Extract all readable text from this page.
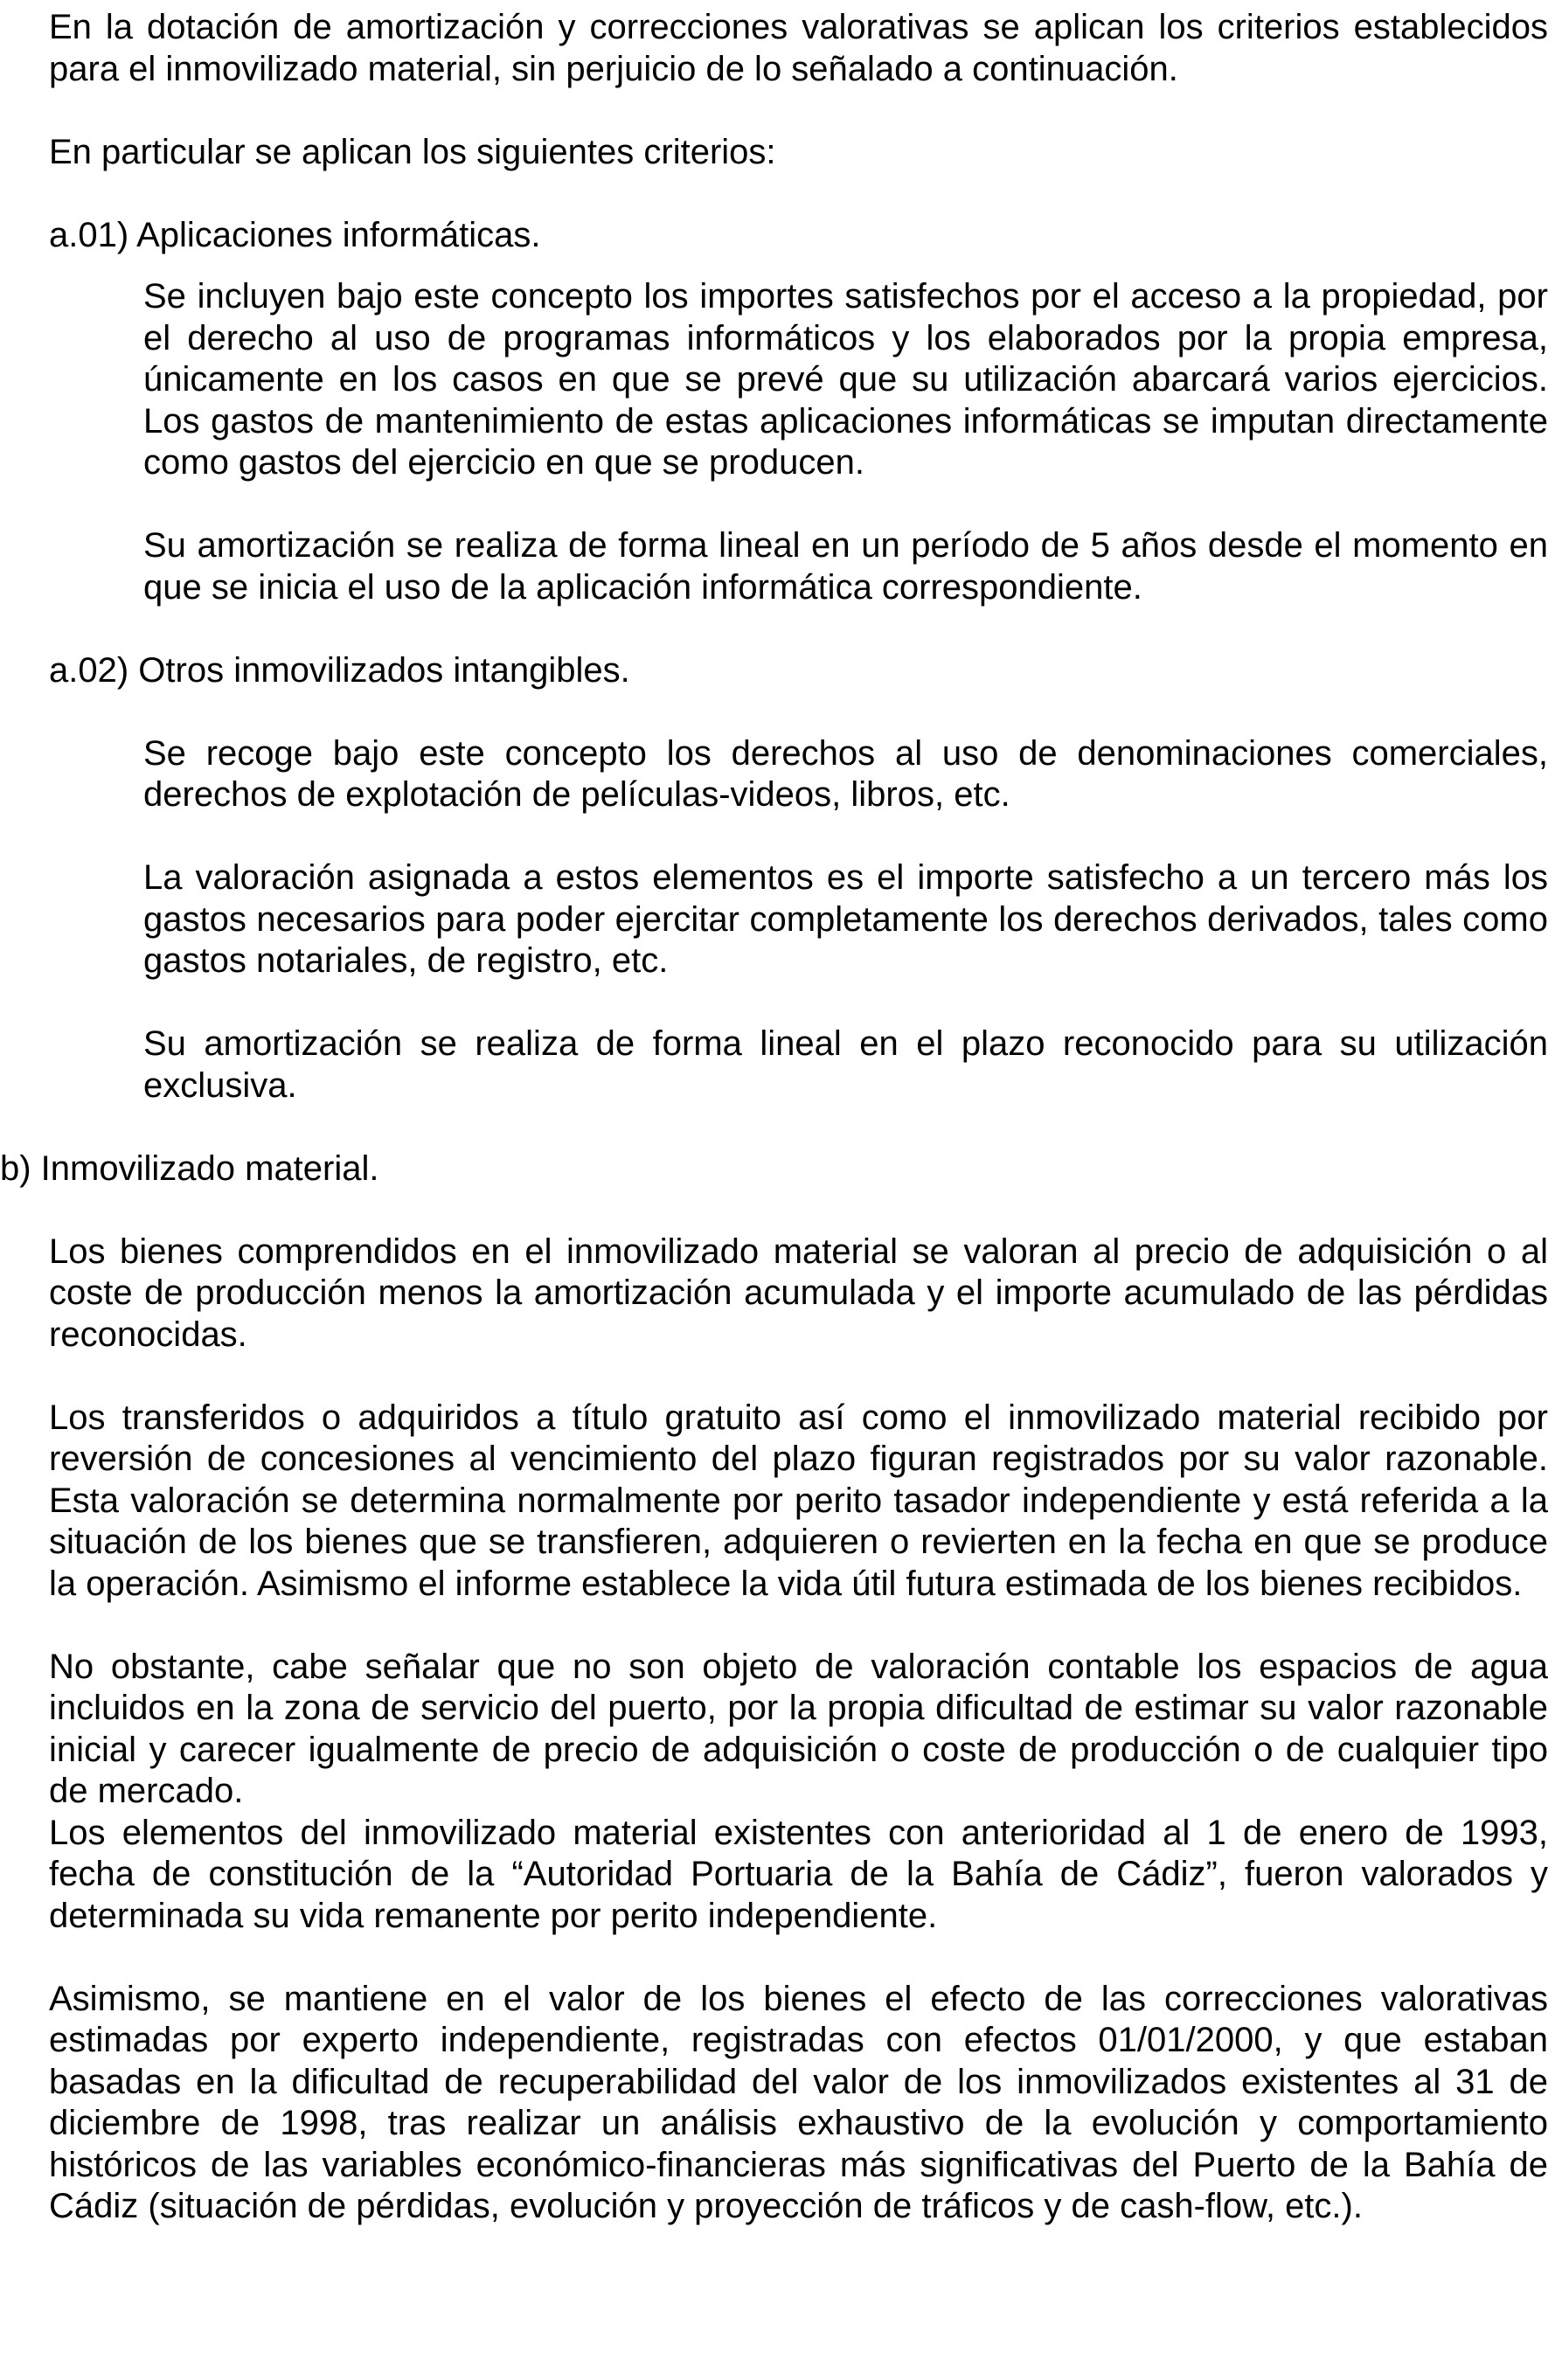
En la dotación de amortización y correcciones valorativas se aplican los criterios establecidos para el inmovilizado material, sin perjuicio de lo señalado a continuación.

En particular se aplican los siguientes criterios:

a.01) Aplicaciones informáticas.

Se incluyen bajo este concepto los importes satisfechos por el acceso a la propiedad, por el derecho al uso de programas informáticos y los elaborados por la propia empresa, únicamente en los casos en que se prevé que su utilización abarcará varios ejercicios. Los gastos de mantenimiento de estas aplicaciones informáticas se imputan directamente como gastos del ejercicio en que se producen.

Su amortización se realiza de forma lineal en un período de 5 años desde el momento en que se inicia el uso de la aplicación informática correspondiente.

a.02) Otros inmovilizados intangibles.

Se recoge bajo este concepto los derechos al uso de denominaciones comerciales, derechos de explotación de películas-videos, libros, etc.

La valoración asignada a estos elementos es el importe satisfecho a un tercero más los gastos necesarios para poder ejercitar completamente los derechos derivados, tales como gastos notariales, de registro, etc.

Su amortización se realiza de forma lineal en el plazo reconocido para su utilización exclusiva.

b) Inmovilizado material.

Los bienes comprendidos en el inmovilizado material se valoran al precio de adquisición o al coste de producción menos la amortización acumulada y el importe acumulado de las pérdidas reconocidas.

Los transferidos o adquiridos a título gratuito así como el inmovilizado material recibido por reversión de concesiones al vencimiento del plazo figuran registrados por su valor razonable. Esta valoración se determina normalmente por perito tasador independiente y está referida a la situación de los bienes que se transfieren, adquieren o revierten en la fecha en que se produce la operación. Asimismo el informe establece la vida útil futura estimada de los bienes recibidos.

No obstante, cabe señalar que no son objeto de valoración contable los espacios de agua incluidos en la zona de servicio del puerto, por la propia dificultad de estimar su valor razonable inicial y carecer igualmente de precio de adquisición o coste de producción o de cualquier tipo de mercado.

Los elementos del inmovilizado material existentes con anterioridad al 1 de enero de 1993, fecha de constitución de la “Autoridad Portuaria de la Bahía de Cádiz”, fueron valorados y determinada su vida remanente por perito independiente.

Asimismo, se mantiene en el valor de los bienes el efecto de las correcciones valorativas estimadas por experto independiente, registradas con efectos 01/01/2000, y que estaban basadas en la dificultad de recuperabilidad del valor de los inmovilizados existentes al 31 de diciembre de 1998, tras realizar un análisis exhaustivo de la evolución y comportamiento históricos de las variables económico-financieras más significativas del Puerto de la Bahía de Cádiz (situación de pérdidas, evolución y proyección de tráficos y de cash-flow, etc.).
